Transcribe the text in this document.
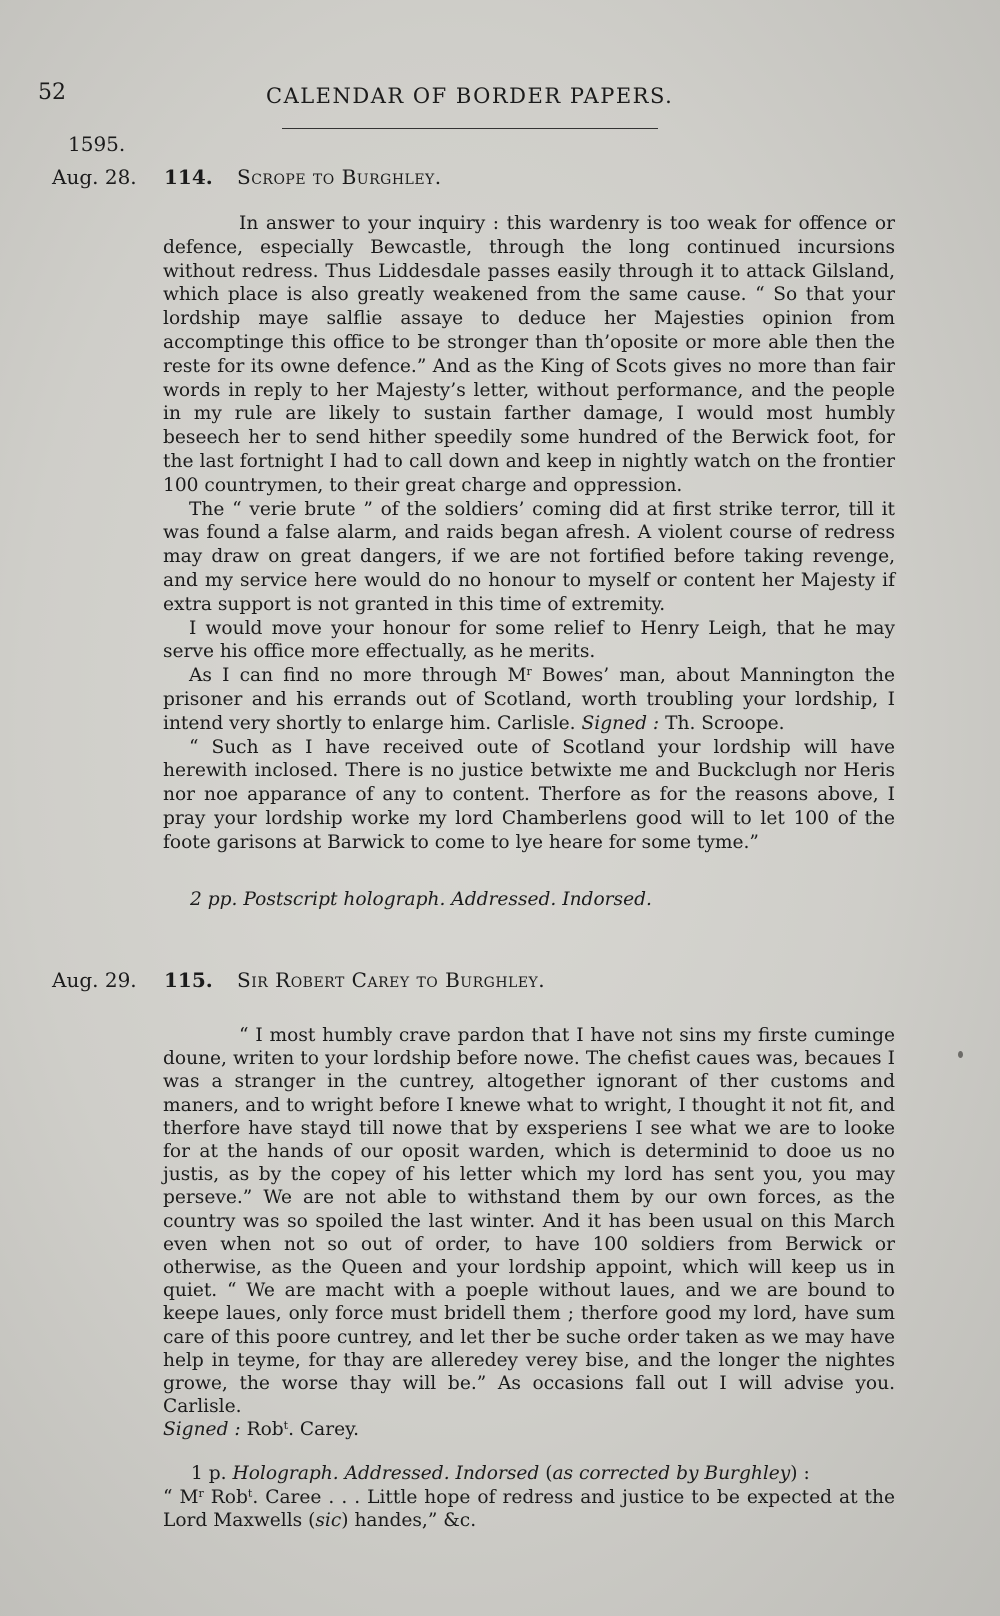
52	CALENDAR OF BORDER PAPERS.
1595.
Aug. 28. 114. Scrope to Burghley.

In answer to your inquiry : this wardenry is too weak for offence or defence, especially Bewcastle, through the long continued incursions without redress. Thus Liddesdale passes easily through it to attack Gilsland, which place is also greatly weakened from the same cause. “ So that your lordship maye salflie assaye to deduce her Majesties opinion from accomptinge this office to be stronger than th’oposite or more able then the reste for its owne defence.” And as the King of Scots gives no more than fair words in reply to her Majesty’s letter, without performance, and the people in my rule are likely to sustain farther damage, I would most humbly beseech her to send hither speedily some hundred of the Berwick foot, for the last fortnight I had to call down and keep in nightly watch on the frontier 100 countrymen, to their great charge and oppression.

The “ verie brute ” of the soldiers’ coming did at first strike terror, till it was found a false alarm, and raids began afresh. A violent course of redress may draw on great dangers, if we are not fortified before taking revenge, and my service here would do no honour to myself or content her Majesty if extra support is not granted in this time of extremity.

I would move your honour for some relief to Henry Leigh, that he may serve his office more effectually, as he merits.

As I can find no more through $M^r$ Bowes’ man, about Mannington the prisoner and his errands out of Scotland, worth troubling your lordship, I intend very shortly to enlarge him. Carlisle. Signed : Th. Scroope.

“ Such as I have received oute of Scotland your lordship will have herewith inclosed. There is no justice betwixte me and Buckclugh nor Heris nor noe apparance of any to content. Therfore as for the reasons above, I pray your lordship worke my lord Chamberlens good will to let 100 of the foote garisons at Barwick to come to lye heare for some tyme.”

2 pp. Postscript holograph. Addressed. Indorsed.
Aug. 29. 115. Sir Robert Carey to Burghley.

“ I most humbly crave pardon that I have not sins my firste cuminge doune, writen to your lordship before nowe. The chefist caues was, becaues I was a stranger in the cuntrey, altogether ignorant of ther customs and maners, and to wright before I knewe what to wright, I thought it not fit, and therfore have stayd till nowe that by exsperiens I see what we are to looke for at the hands of our oposit warden, which is determinid to dooe us no justis, as by the copey of his letter which my lord has sent you, you may perseve.” We are not able to withstand them by our own forces, as the country was so spoiled the last winter. And it has been usual on this March even when not so out of order, to have 100 soldiers from Berwick or otherwise, as the Queen and your lordship appoint, which will keep us in quiet. “ We are macht with a poeple without laues, and we are bound to keepe laues, only force must bridell them ; therfore good my lord, have sum care of this poore cuntrey, and let ther be suche order taken as we may have help in teyme, for thay are alleredey verey bise, and the longer the nightes growe, the worse thay will be.” As occasions fall out I will advise you. Carlisle.
Signed : Rob$^t$. Carey.

1 p. Holograph. Addressed. Indorsed (as corrected by Burghley) :
“ $M^r$ Rob$^t$. Caree . . . Little hope of redress and justice to be expected at the Lord Maxwells (sic) handes,” &c.
